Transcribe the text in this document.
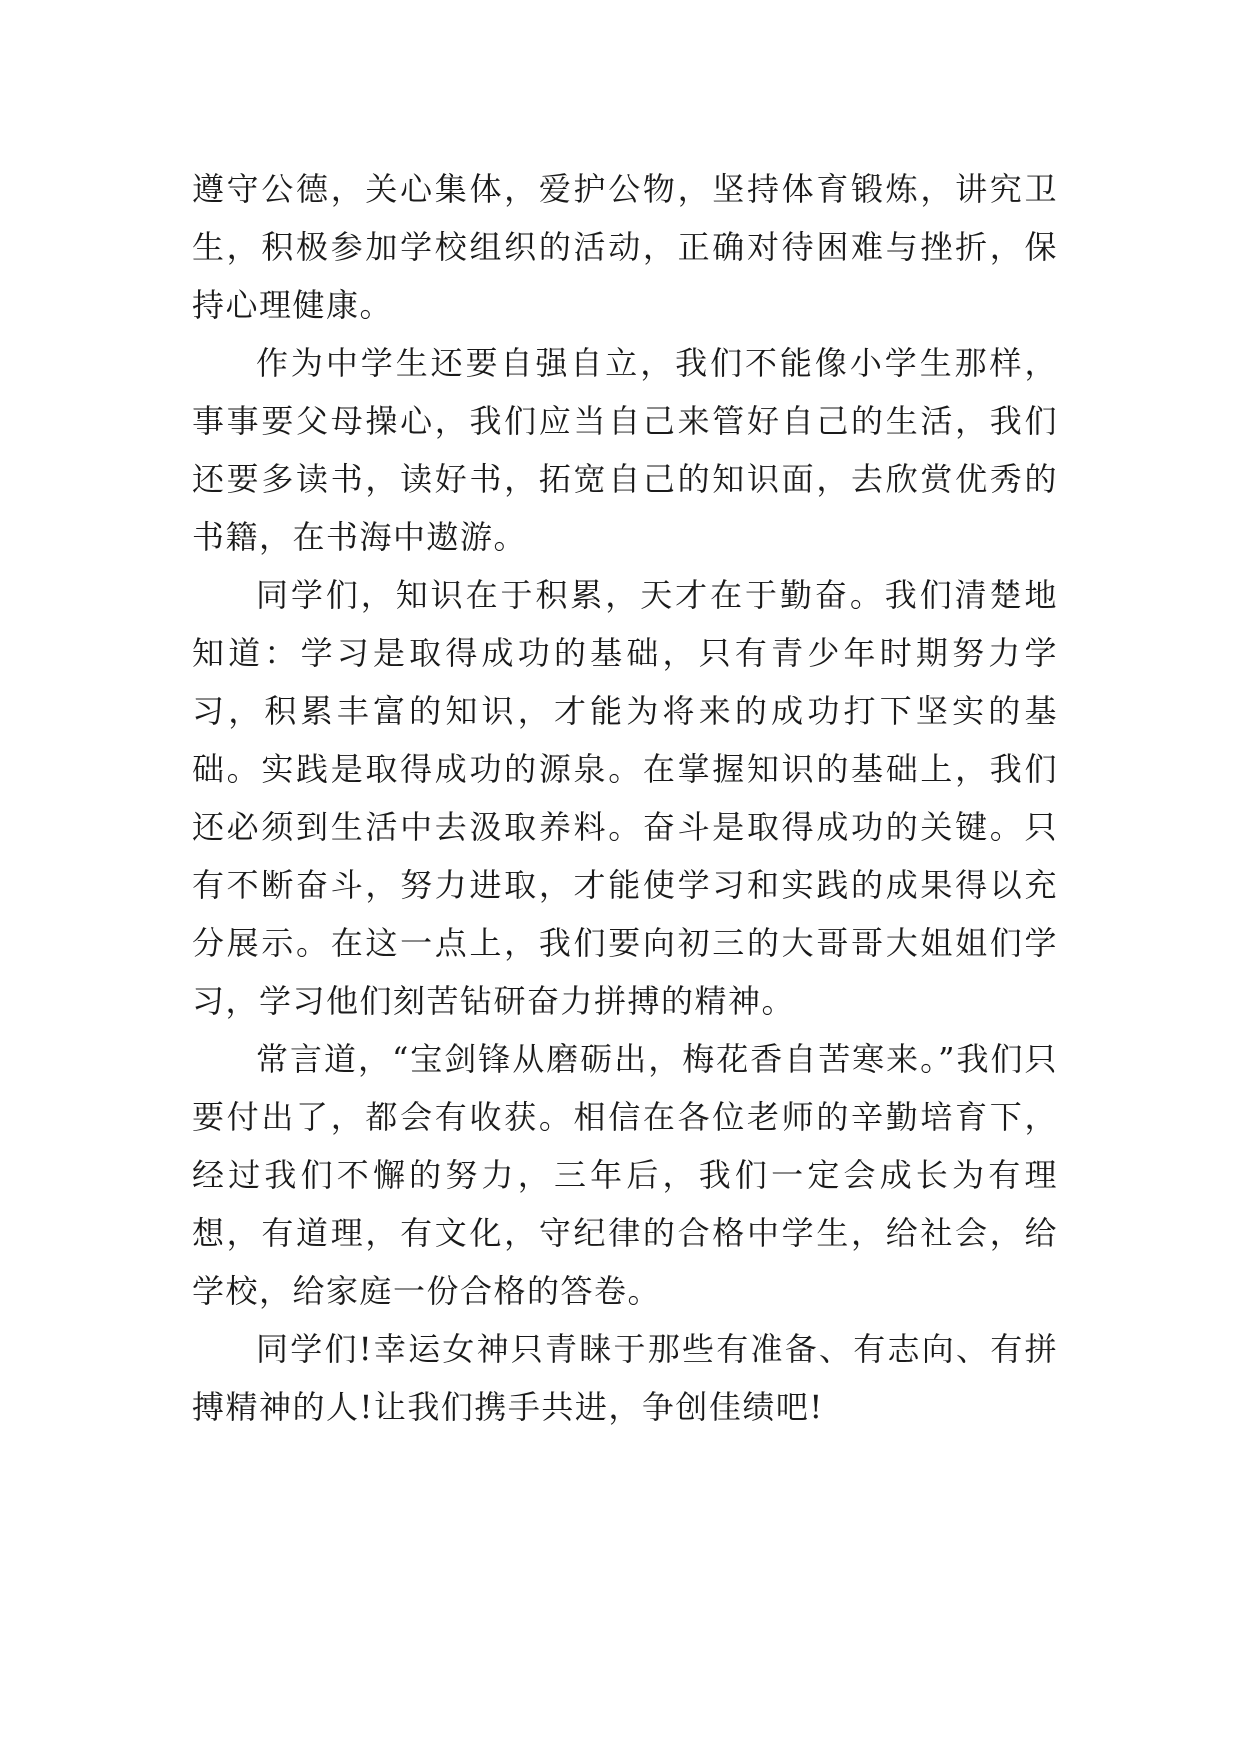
遵守公德，关心集体，爱护公物，坚持体育锻炼，讲究卫生，积极参加学校组织的活动，正确对待困难与挫折，保持心理健康。

作为中学生还要自强自立，我们不能像小学生那样，事事要父母操心，我们应当自己来管好自己的生活，我们还要多读书，读好书，拓宽自己的知识面，去欣赏优秀的书籍，在书海中遨游。

同学们，知识在于积累，天才在于勤奋。我们清楚地知道：学习是取得成功的基础，只有青少年时期努力学习，积累丰富的知识，才能为将来的成功打下坚实的基础。实践是取得成功的源泉。在掌握知识的基础上，我们还必须到生活中去汲取养料。奋斗是取得成功的关键。只有不断奋斗，努力进取，才能使学习和实践的成果得以充分展示。在这一点上，我们要向初三的大哥哥大姐姐们学习，学习他们刻苦钻研奋力拼搏的精神。

常言道，“宝剑锋从磨砺出，梅花香自苦寒来。”我们只要付出了，都会有收获。相信在各位老师的辛勤培育下，经过我们不懈的努力，三年后，我们一定会成长为有理想，有道理，有文化，守纪律的合格中学生，给社会，给学校，给家庭一份合格的答卷。

同学们!幸运女神只青睐于那些有准备、有志向、有拼搏精神的人!让我们携手共进，争创佳绩吧!
